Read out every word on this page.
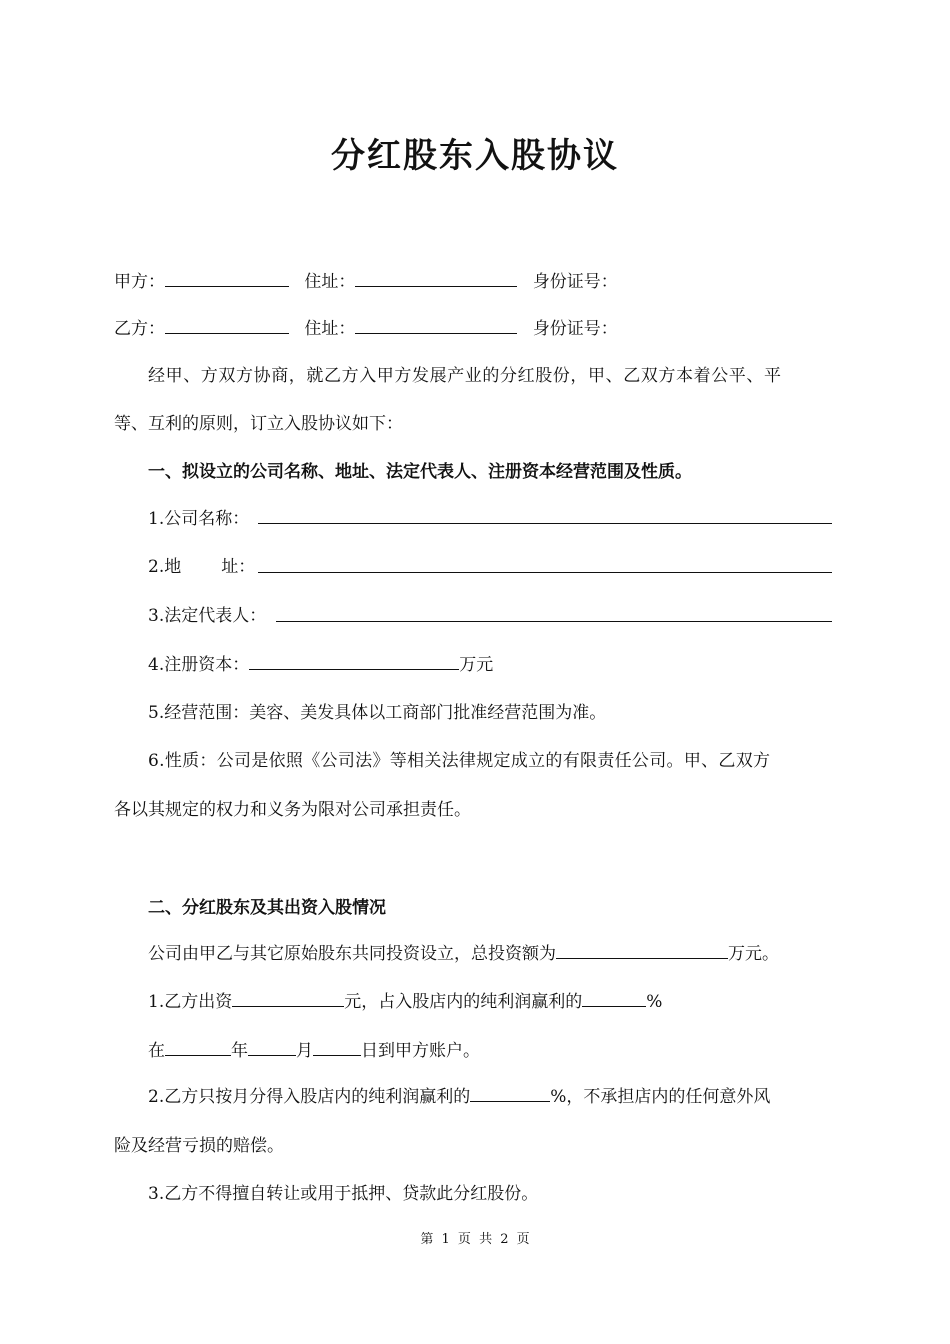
分红股东入股协议
甲方：	住址：	身份证号：
乙方：	住址：	身份证号：
经甲、方双方协商，就乙方入甲方发展产业的分红股份，甲、乙双方本着公平、平
等、互利的原则，订立入股协议如下：
一、拟设立的公司名称、地址、法定代表人、注册资本经营范围及性质。
1.公司名称：
2.地 址：
3.法定代表人：
4.注册资本：	万元
5.经营范围：美容、美发具体以工商部门批准经营范围为准。
6.性质：公司是依照《公司法》等相关法律规定成立的有限责任公司。甲、乙双方
各以其规定的权力和义务为限对公司承担责任。
二、分红股东及其出资入股情况
公司由甲乙与其它原始股东共同投资设立，总投资额为	万元。
1.乙方出资	元，占入股店内的纯利润赢利的	%
在	年	月	日到甲方账户。
2.乙方只按月分得入股店内的纯利润赢利的	%，不承担店内的任何意外风
险及经营亏损的赔偿。
3.乙方不得擅自转让或用于抵押、贷款此分红股份。
第 1 页 共 2 页
